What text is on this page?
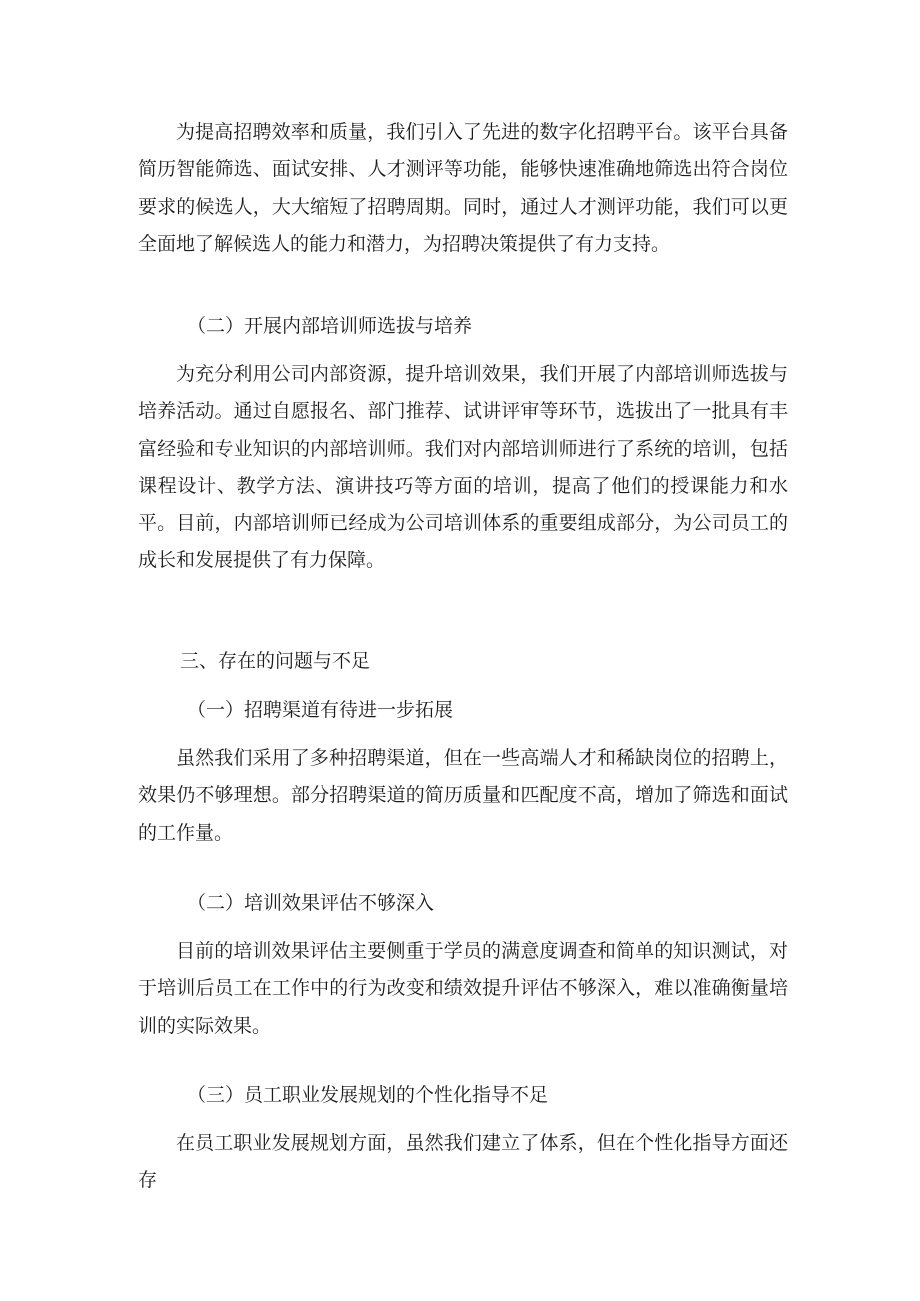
为提高招聘效率和质量，我们引入了先进的数字化招聘平台。该平台具备简历智能筛选、面试安排、人才测评等功能，能够快速准确地筛选出符合岗位要求的候选人，大大缩短了招聘周期。同时，通过人才测评功能，我们可以更全面地了解候选人的能力和潜力，为招聘决策提供了有力支持。

（二）开展内部培训师选拔与培养

为充分利用公司内部资源，提升培训效果，我们开展了内部培训师选拔与培养活动。通过自愿报名、部门推荐、试讲评审等环节，选拔出了一批具有丰富经验和专业知识的内部培训师。我们对内部培训师进行了系统的培训，包括课程设计、教学方法、演讲技巧等方面的培训，提高了他们的授课能力和水平。目前，内部培训师已经成为公司培训体系的重要组成部分，为公司员工的成长和发展提供了有力保障。

三、存在的问题与不足

（一）招聘渠道有待进一步拓展

虽然我们采用了多种招聘渠道，但在一些高端人才和稀缺岗位的招聘上，效果仍不够理想。部分招聘渠道的简历质量和匹配度不高，增加了筛选和面试的工作量。

（二）培训效果评估不够深入

目前的培训效果评估主要侧重于学员的满意度调查和简单的知识测试，对于培训后员工在工作中的行为改变和绩效提升评估不够深入，难以准确衡量培训的实际效果。

（三）员工职业发展规划的个性化指导不足

在员工职业发展规划方面，虽然我们建立了体系，但在个性化指导方面还存
